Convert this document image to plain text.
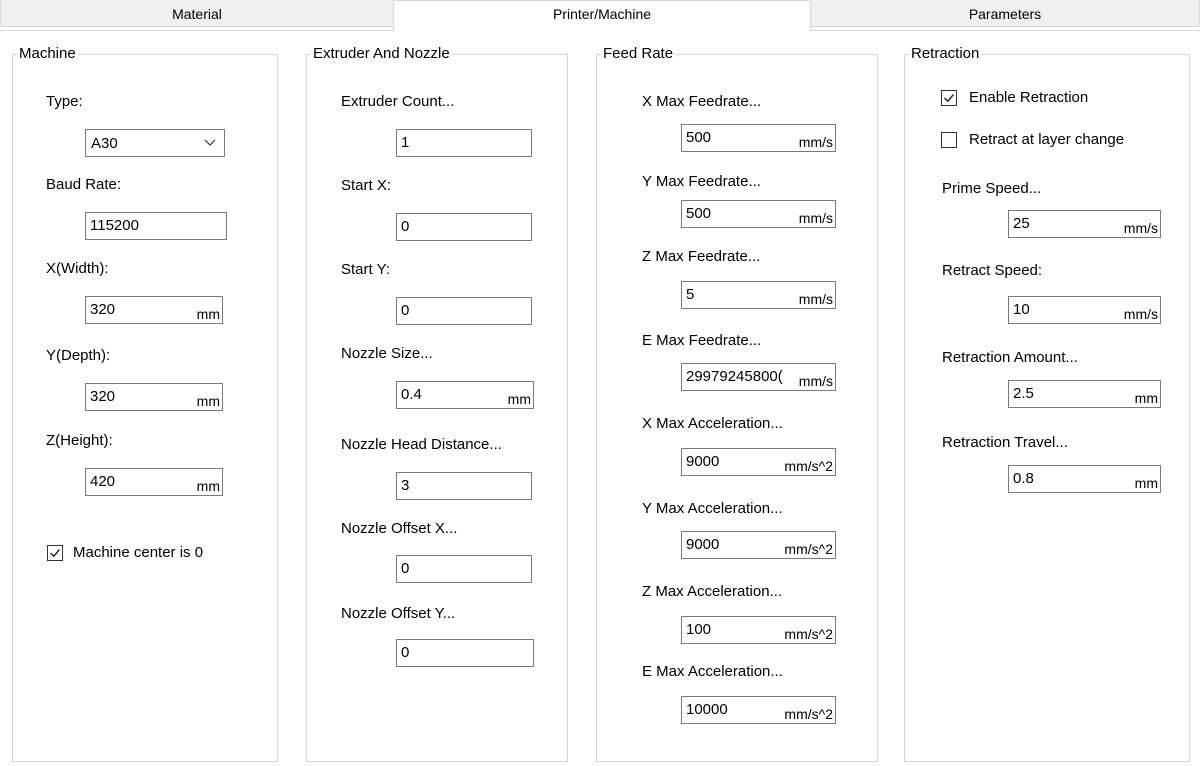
Material	Printer/Machine	Parameters
Machine
Type:
A30
Baud Rate:
115200
X(Width):
320	mm
Y(Depth):
320	mm
Z(Height):
420	mm
Machine center is 0
Extruder And Nozzle
Extruder Count...
1
Start X:
0
Start Y:
0
Nozzle Size...
0.4	mm
Nozzle Head Distance...
3
Nozzle Offset X...
0
Nozzle Offset Y...
0
Feed Rate
X Max Feedrate...
500	mm/s
Y Max Feedrate...
500	mm/s
Z Max Feedrate...
5	mm/s
E Max Feedrate...
29979245800( mm/s
X Max Acceleration...
9000	mm/s^2
Y Max Acceleration...
9000	mm/s^2
Z Max Acceleration...
100	mm/s^2
E Max Acceleration...
10000	mm/s^2
Retraction
Enable Retraction
Retract at layer change
Prime Speed...
25	mm/s
Retract Speed:
10	mm/s
Retraction Amount...
2.5	mm
Retraction Travel...
0.8	mm
